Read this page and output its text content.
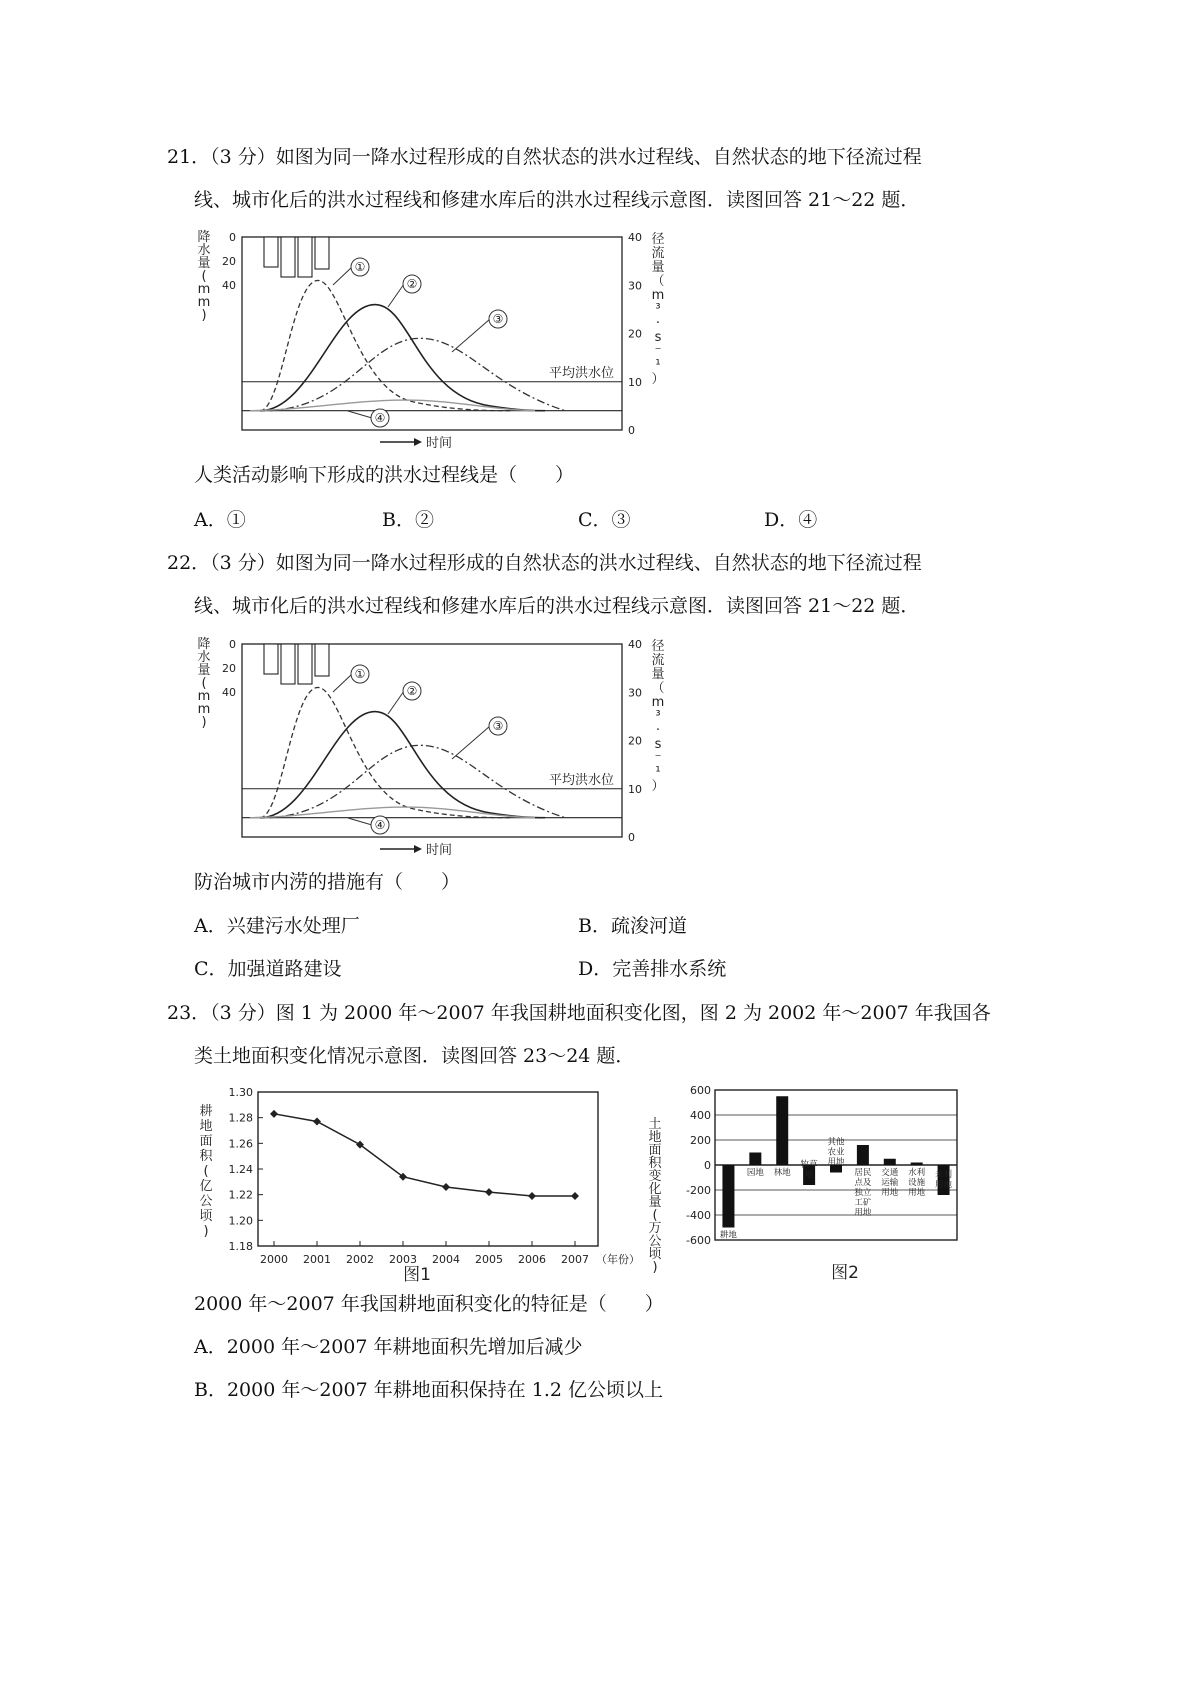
21．（3 分）如图为同一降水过程形成的自然状态的洪水过程线、自然状态的地下径流过程
线、城市化后的洪水过程线和修建水库后的洪水过程线示意图．读图回答 21～22 题．
降
水
量
(
m
m
)
0
20
40
40
30
20
10
0
径
流
量
（
m
³
·
s
⁻
¹
）
平均洪水位
①
②
③
④
时间
人类活动影响下形成的洪水过程线是（　　）
A．①	B．②	C．③	D．④
22．（3 分）如图为同一降水过程形成的自然状态的洪水过程线、自然状态的地下径流过程
线、城市化后的洪水过程线和修建水库后的洪水过程线示意图．读图回答 21～22 题．
降
水
量
(
m
m
)
0
20
40
40
30
20
10
0
径
流
量
（
m
³
·
s
⁻
¹
）
平均洪水位
①
②
③
④
时间
防治城市内涝的措施有（　　）
A．兴建污水处理厂	B．疏浚河道
C．加强道路建设	D．完善排水系统
23．（3 分）图 1 为 2000 年～2007 年我国耕地面积变化图，图 2 为 2002 年～2007 年我国各
类土地面积变化情况示意图．读图回答 23～24 题．
1.18
1.20
1.22
1.24
1.26
1.28
1.30
耕
地
面
积
(
亿
公
顷
)
2000 2001 2002 2003 2004 2005 2006 2007 （年份）
图1
600
400
200
0
-200
-400
-600
土
地
面
积
变
化
量
(
万
公
顷
)
耕地
园地 林地
牧草
地
其他
农业
用地
居民
点及
独立
工矿
用地
交通
运输
用地
水利
设施
用地
未利
用地
图2
2000 年～2007 年我国耕地面积变化的特征是（　　）
A．2000 年～2007 年耕地面积先增加后减少
B．2000 年～2007 年耕地面积保持在 1.2 亿公顷以上
